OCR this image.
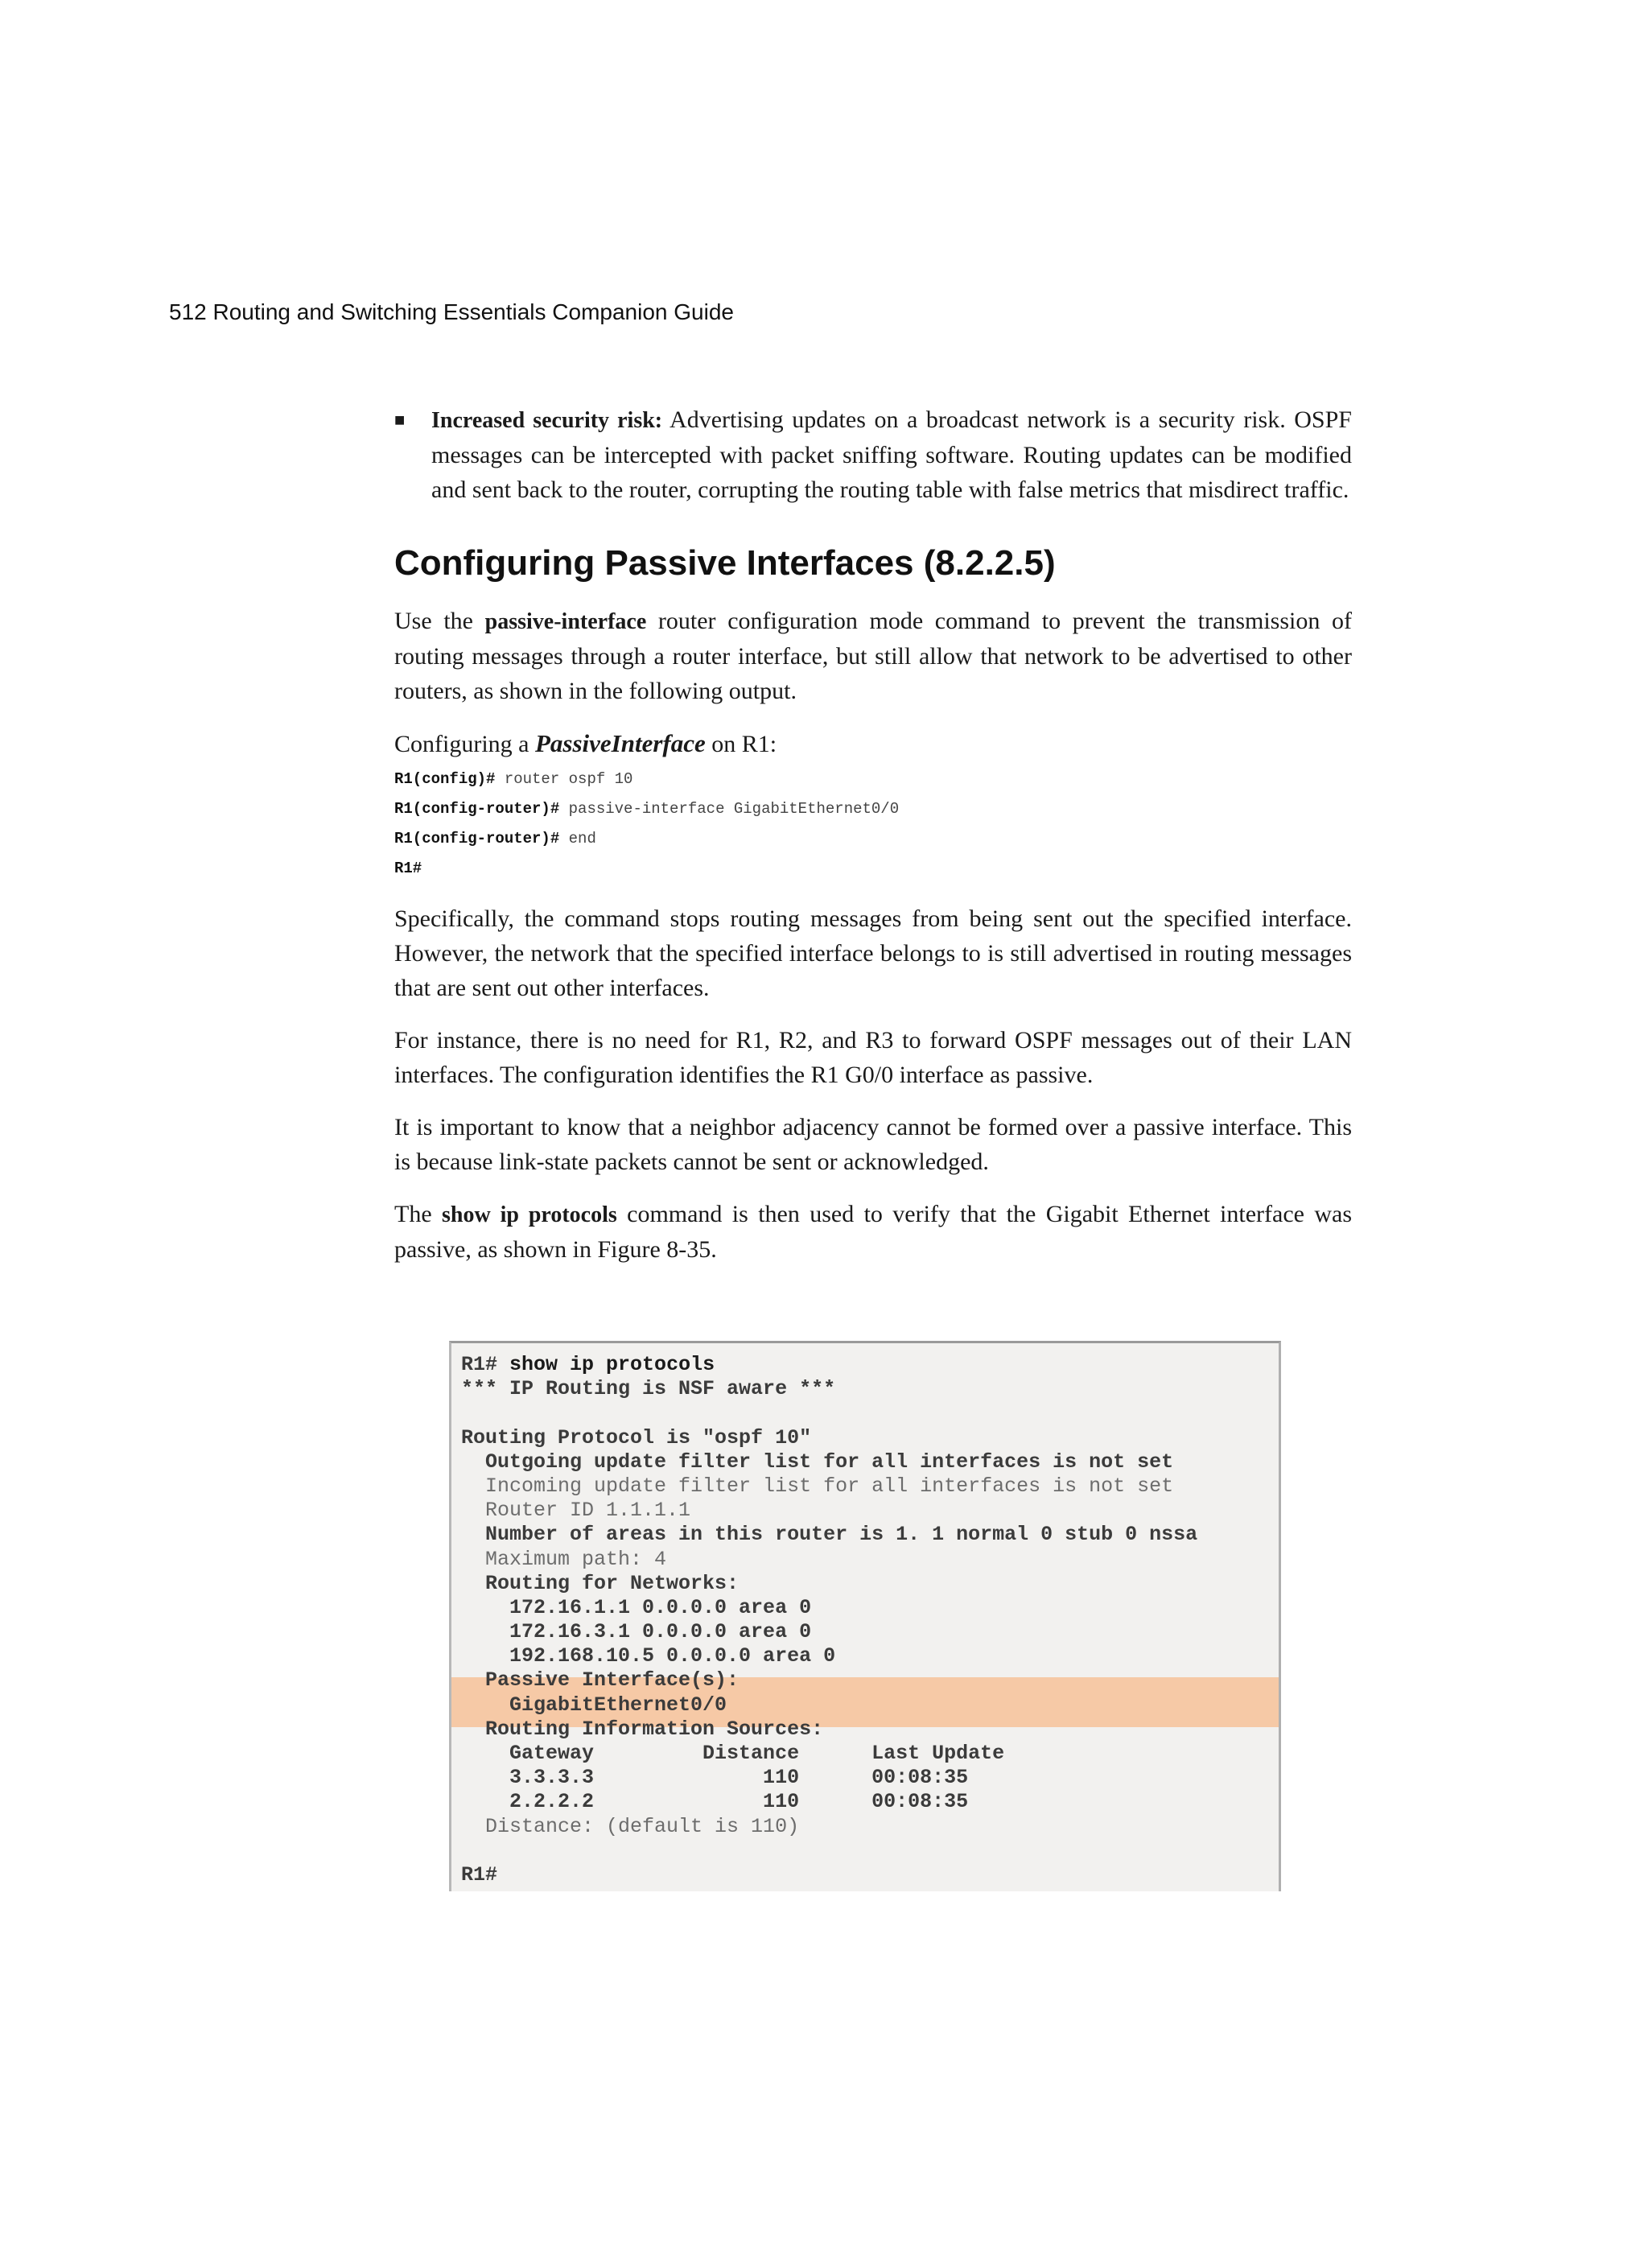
512 Routing and Switching Essentials Companion Guide
■ Increased security risk: Advertising updates on a broadcast network is a security risk. OSPF messages can be intercepted with packet sniffing software. Routing updates can be modified and sent back to the router, corrupting the routing table with false metrics that misdirect traffic.
Configuring Passive Interfaces (8.2.2.5)

Use the passive-interface router configuration mode command to prevent the transmission of routing messages through a router interface, but still allow that network to be advertised to other routers, as shown in the following output.

Configuring a PassiveInterface on R1:

R1(config)# router ospf 10
R1(config-router)# passive-interface GigabitEthernet0/0
R1(config-router)# end
R1#

Specifically, the command stops routing messages from being sent out the specified interface. However, the network that the specified interface belongs to is still advertised in routing messages that are sent out other interfaces.

For instance, there is no need for R1, R2, and R3 to forward OSPF messages out of their LAN interfaces. The configuration identifies the R1 G0/0 interface as passive.

It is important to know that a neighbor adjacency cannot be formed over a passive interface. This is because link-state packets cannot be sent or acknowledged.

The show ip protocols command is then used to verify that the Gigabit Ethernet interface was passive, as shown in Figure 8-35.

R1# show ip protocols
*** IP Routing is NSF aware ***
Routing Protocol is "ospf 10"
Outgoing update filter list for all interfaces is not set
Incoming update filter list for all interfaces is not set
Router ID 1.1.1.1
Number of areas in this router is 1. 1 normal 0 stub 0 nssa
Maximum path: 4
Routing for Networks:
172.16.1.1 0.0.0.0 area 0
172.16.3.1 0.0.0.0 area 0
192.168.10.5 0.0.0.0 area 0
Passive Interface(s):
GigabitEthernet0/0
Routing Information Sources:
Gateway         Distance      Last Update
3.3.3.3              110      00:08:35
2.2.2.2              110      00:08:35
Distance: (default is 110)
R1#
